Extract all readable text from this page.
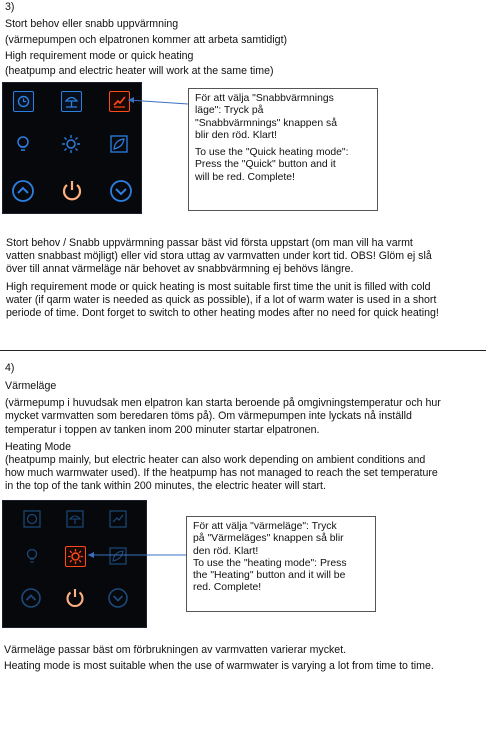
3)
Stort behov eller snabb uppvärmning
(värmepumpen och elpatronen kommer att arbeta samtidigt)
High requirement mode or quick heating
(heatpump and electric heater will work at the same time)
För att välja "Snabbvärmnings
läge": Tryck på
"Snabbvärmnings" knappen så
blir den röd. Klart!
To use the "Quick heating mode":
Press the "Quick" button and it
will be red. Complete!
Stort behov / Snabb uppvärmning passar bäst vid första uppstart (om man vill ha varmt
vatten snabbast möjligt) eller vid stora uttag av varmvatten under kort tid. OBS! Glöm ej slå
över till annat värmeläge när behovet av snabbvärmning ej behövs längre.
High requirement mode or quick heating is most suitable first time the unit is filled with cold
water (if qarm water is needed as quick as possible), if a lot of warm water is used in a short
periode of time. Dont forget to switch to other heating modes after no need for quick heating!
4)
Värmeläge
(värmepump i huvudsak men elpatron kan starta beroende på omgivningstemperatur och hur
mycket varmvatten som beredaren töms på). Om värmepumpen inte lyckats nå inställd
temperatur i toppen av tanken inom 200 minuter startar elpatronen.
Heating Mode
(heatpump mainly, but electric heater can also work depending on ambient conditions and
how much warmwater used). If the heatpump has not managed to reach the set temperature
in the top of the tank within 200 minutes, the electric heater will start.
För att välja "värmeläge": Tryck
på "Värmeläges" knappen så blir
den röd. Klart!
To use the "heating mode": Press
the "Heating" button and it will be
red. Complete!
Värmeläge passar bäst om förbrukningen av varmvatten varierar mycket.
Heating mode is most suitable when the use of warmwater is varying a lot from time to time.
